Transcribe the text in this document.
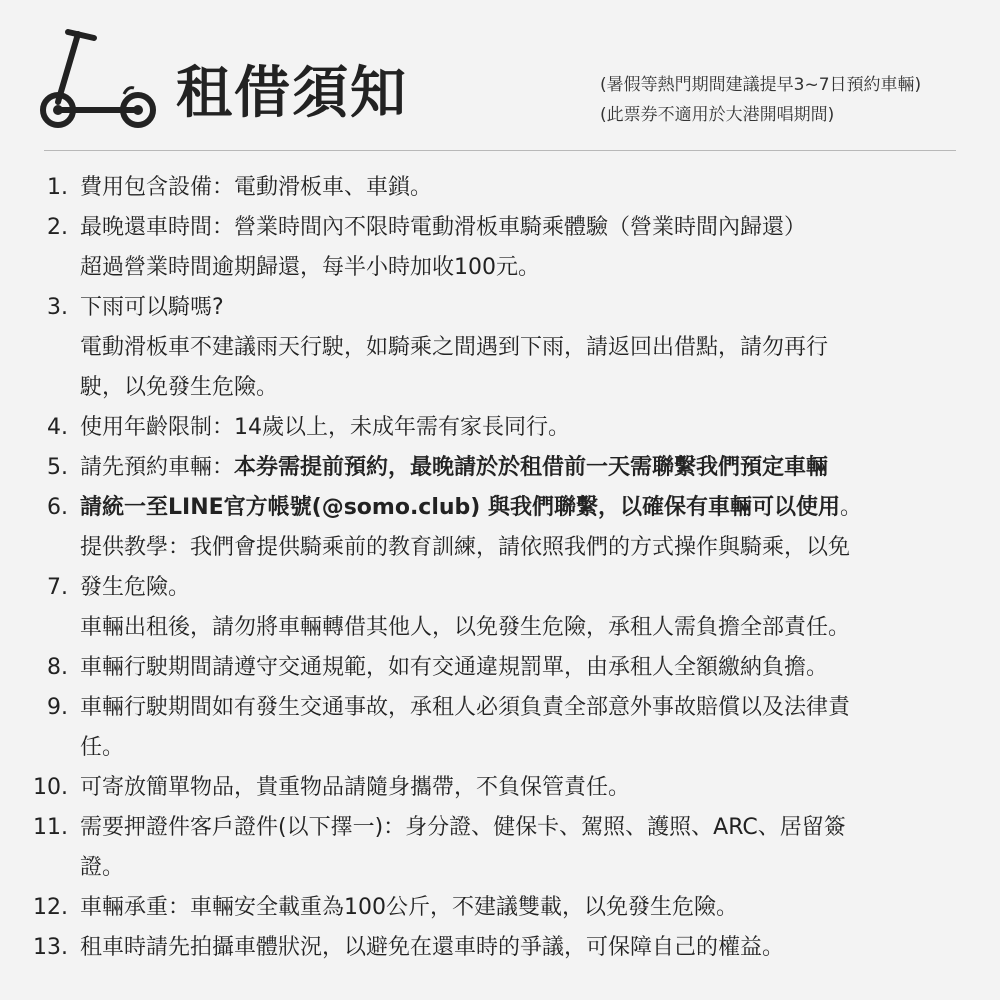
租借須知	(暑假等熱門期間建議提早3~7日預約車輛)
(此票券不適用於大港開唱期間)
1. 費用包含設備：電動滑板車、車鎖。
2. 最晚還車時間：營業時間內不限時電動滑板車騎乘體驗（營業時間內歸還）
超過營業時間逾期歸還，每半小時加收100元。
3. 下雨可以騎嗎?
電動滑板車不建議雨天行駛，如騎乘之間遇到下雨，請返回出借點，請勿再行
駛，以免發生危險。
4. 使用年齡限制：14歲以上，未成年需有家長同行。
5. 請先預約車輛：本券需提前預約，最晚請於於租借前一天需聯繫我們預定車輛
6. 請統一至LINE官方帳號(@somo.club) 與我們聯繫，以確保有車輛可以使用。
提供教學：我們會提供騎乘前的教育訓練，請依照我們的方式操作與騎乘，以免
7. 發生危險。
車輛出租後，請勿將車輛轉借其他人，以免發生危險，承租人需負擔全部責任。
8. 車輛行駛期間請遵守交通規範，如有交通違規罰單，由承租人全額繳納負擔。
9. 車輛行駛期間如有發生交通事故，承租人必須負責全部意外事故賠償以及法律責
任。
10. 可寄放簡單物品，貴重物品請隨身攜帶，不負保管責任。
11. 需要押證件客戶證件(以下擇一)：身分證、健保卡、駕照、護照、ARC、居留簽
證。
12. 車輛承重：車輛安全載重為100公斤，不建議雙載，以免發生危險。
13. 租車時請先拍攝車體狀況，以避免在還車時的爭議，可保障自己的權益。
